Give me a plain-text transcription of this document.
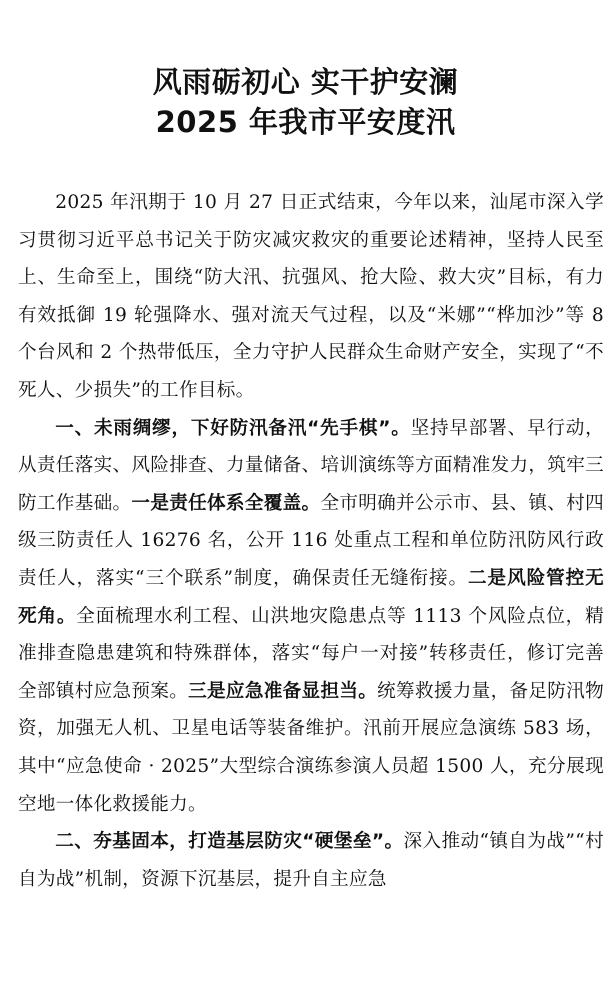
风雨砺初心 实干护安澜
2025 年我市平安度汛

2025 年汛期于 10 月 27 日正式结束，今年以来，汕尾市深入学习贯彻习近平总书记关于防灾减灾救灾的重要论述精神，坚持人民至上、生命至上，围绕“防大汛、抗强风、抢大险、救大灾”目标，有力有效抵御 19 轮强降水、强对流天气过程，以及“米娜”“桦加沙”等 8 个台风和 2 个热带低压，全力守护人民群众生命财产安全，实现了“不死人、少损失”的工作目标。

一、未雨绸缪，下好防汛备汛“先手棋”。坚持早部署、早行动，从责任落实、风险排查、力量储备、培训演练等方面精准发力，筑牢三防工作基础。一是责任体系全覆盖。全市明确并公示市、县、镇、村四级三防责任人 16276 名，公开 116 处重点工程和单位防汛防风行政责任人，落实“三个联系”制度，确保责任无缝衔接。二是风险管控无死角。全面梳理水利工程、山洪地灾隐患点等 1113 个风险点位，精准排查隐患建筑和特殊群体，落实“每户一对接”转移责任，修订完善全部镇村应急预案。三是应急准备显担当。统筹救援力量，备足防汛物资，加强无人机、卫星电话等装备维护。汛前开展应急演练 583 场，其中“应急使命 · 2025”大型综合演练参演人员超 1500 人，充分展现空地一体化救援能力。

二、夯基固本，打造基层防灾“硬堡垒”。深入推动“镇自为战”“村自为战”机制，资源下沉基层，提升自主应急
